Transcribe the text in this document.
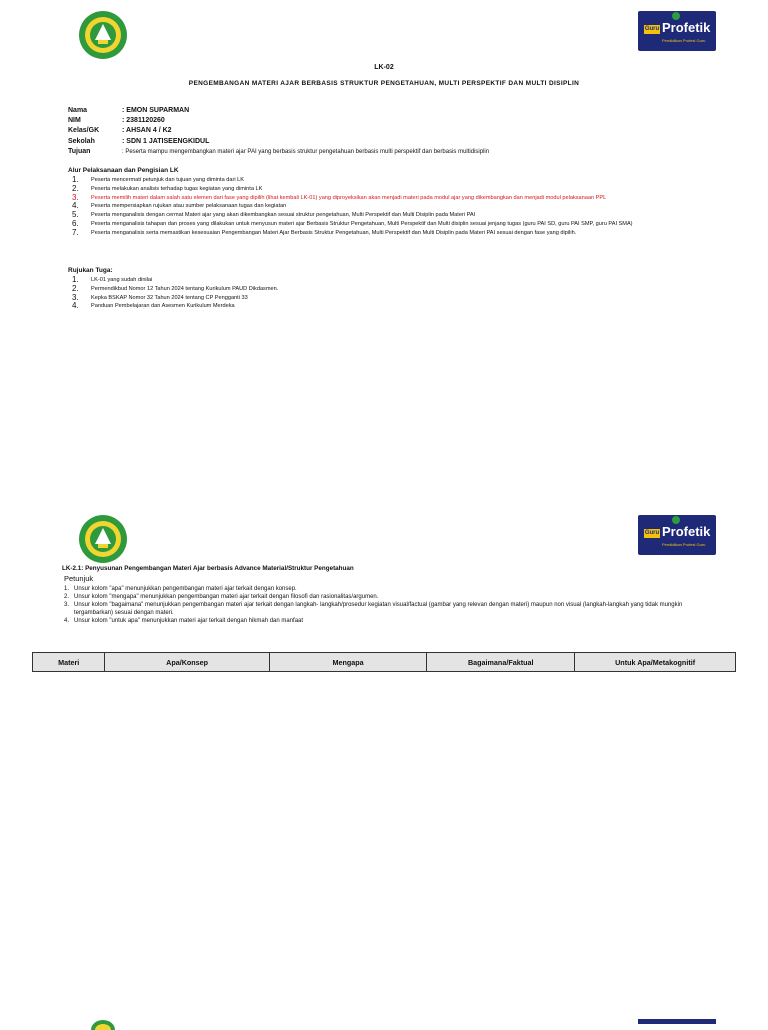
Guru Profetik
Pendidikan Profesi Guru
LK-02
PENGEMBANGAN MATERI AJAR BERBASIS STRUKTUR PENGETAHUAN, MULTI PERSPEKTIF DAN MULTI DISIPLIN
Nama	: EMON SUPARMAN
NIM	: 2381120260
Kelas/GK	: AHSAN 4 / K2
Sekolah	: SDN 1 JATISEENGKIDUL
Tujuan	: Peserta mampu mengembangkan materi ajar PAI yang berbasis struktur pengetahuan berbasis multi perspektif dan berbasis multidisiplin
Alur Pelaksanaan dan Pengisian LK
1.	Peserta mencermati petunjuk dan tujuan yang diminta dari LK
2.	Peserta melakukan analisis terhadap tugas kegiatan yang diminta LK
3.	Peserta memilih materi dalam salah satu elemen dari fase yang dipilih (lihat kembali LK-01) yang diproyeksikan akan menjadi materi pada modul ajar yang dikembangkan dan menjadi modul pelaksanaan PPL
4.	Peserta mempersiapkan rujukan atau sumber pelaksanaan tugas dan kegiatan
5.	Peserta menganalisis dengan cermat Materi ajar yang akan dikembangkan sesuai struktur pengetahuan, Multi Perspektif dan Multi Disiplin pada Materi PAI
6.	Peserta menganalisis tahapan dan proses yang dilakukan untuk menyusun materi ajar Berbasis Struktur Pengetahuan, Multi Perspektif dan Multi disiplin sesuai jenjang tugas (guru PAI SD, guru PAI SMP, guru PAI SMA)
7.	Peserta menganalisis serta memastikan kesesuaian Pengembangan Materi Ajar Berbasis Struktur Pengetahuan, Multi Perspektif dan Multi Disiplin pada Materi PAI sesuai dengan fase yang dipilih.
Rujukan Tuga:
1.	LK-01 yang sudah dinilai
2.	Permendikbud Nomor 12 Tahun 2024 tentang Kurikulum PAUD Dikdasmen.
3.	Kepka BSKAP Nomor 32 Tahun 2024 tentang CP Pengganti 33
4.	Panduan Pembelajaran dan Asesmen Kurikulum Merdeka
Guru Profetik
Pendidikan Profesi Guru
LK-2.1: Penyusunan Pengembangan Materi Ajar berbasis Advance Material/Struktur Pengetahuan
Petunjuk
1. Unsur kolom "apa" menunjukkan pengembangan materi ajar terkait dengan konsep.
2. Unsur kolom "mengapa" menunjukkan pengembangan materi ajar terkait dengan filosofi dan rasionalitas/argumen.
3. Unsur kolom "bagaimana" menunjukkan pengembangan materi ajar terkait dengan langkah- langkah/prosedur kegiatan visual/factual (gambar yang relevan dengan materi) maupun non visual (langkah-langkah yang tidak mungkin tergambarkan) sesuai dengan materi.
4. Unsur kolom "untuk apa" menunjukkan materi ajar terkait dengan hikmah dan manfaat
Materi	Apa/Konsep	Mengapa	Bagaimana/Faktual	Untuk Apa/Metakognitif
